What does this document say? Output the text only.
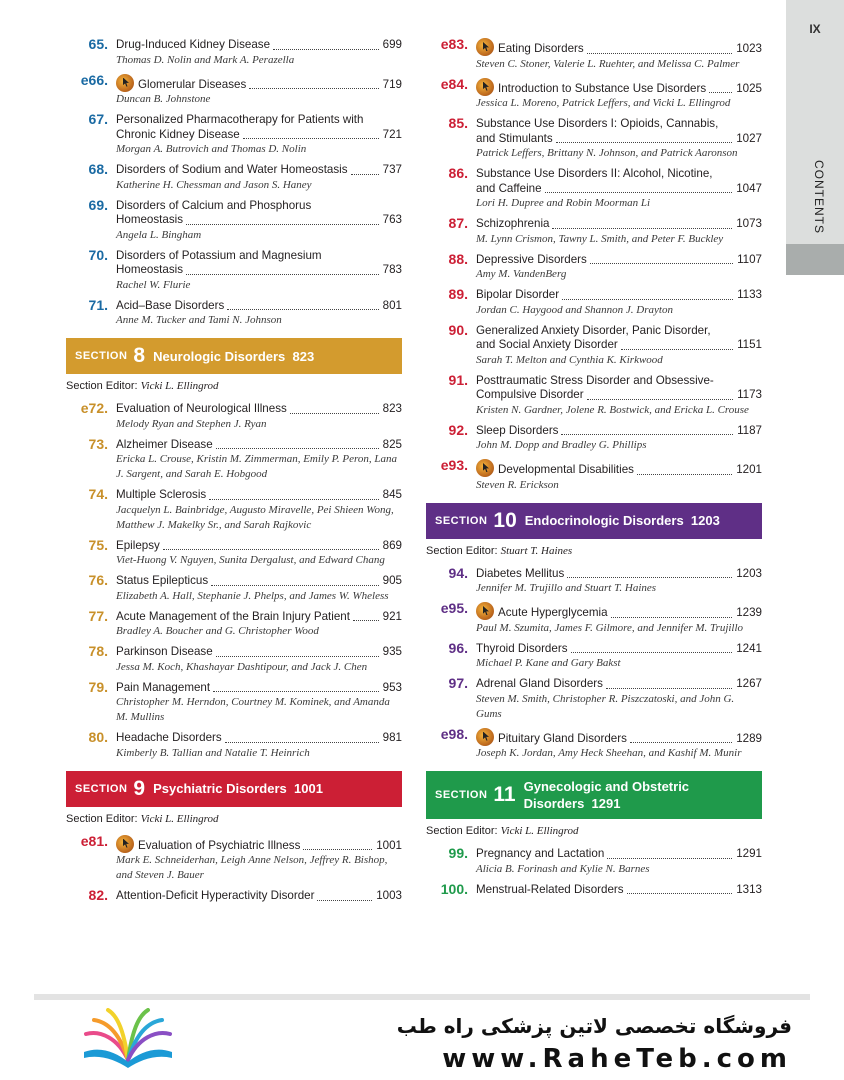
IX
CONTENTS
65. Drug-Induced Kidney Disease	699
Thomas D. Nolin and Mark A. Perazella
e66.	Glomerular Diseases	719
Duncan B. Johnstone
67. Personalized Pharmacotherapy for Patients with
Chronic Kidney Disease	721
Morgan A. Butrovich and Thomas D. Nolin
68. Disorders of Sodium and Water Homeostasis	737
Katherine H. Chessman and Jason S. Haney
69. Disorders of Calcium and Phosphorus
Homeostasis	763
Angela L. Bingham
70. Disorders of Potassium and Magnesium
Homeostasis	783
Rachel W. Flurie
71. Acid–Base Disorders	801
Anne M. Tucker and Tami N. Johnson
SECTION 8 Neurologic Disorders 823
Section Editor: Vicki L. Ellingrod
e72. Evaluation of Neurological Illness	823
Melody Ryan and Stephen J. Ryan
73. Alzheimer Disease	825
Ericka L. Crouse, Kristin M. Zimmerman, Emily P. Peron, Lana J. Sargent, and Sarah E. Hobgood
74. Multiple Sclerosis	845
Jacquelyn L. Bainbridge, Augusto Miravelle, Pei Shieen Wong, Matthew J. Makelky Sr., and Sarah Rajkovic
75. Epilepsy	869
Viet-Huong V. Nguyen, Sunita Dergalust, and Edward Chang
76. Status Epilepticus	905
Elizabeth A. Hall, Stephanie J. Phelps, and James W. Wheless
77. Acute Management of the Brain Injury Patient	921
Bradley A. Boucher and G. Christopher Wood
78. Parkinson Disease	935
Jessa M. Koch, Khashayar Dashtipour, and Jack J. Chen
79. Pain Management	953
Christopher M. Herndon, Courtney M. Kominek, and Amanda M. Mullins
80. Headache Disorders	981
Kimberly B. Tallian and Natalie T. Heinrich
SECTION 9 Psychiatric Disorders 1001
Section Editor: Vicki L. Ellingrod
e81.	Evaluation of Psychiatric Illness	1001
Mark E. Schneiderhan, Leigh Anne Nelson, Jeffrey R. Bishop, and Steven J. Bauer
82. Attention-Deficit Hyperactivity Disorder	1003
e83.	Eating Disorders	1023
Steven C. Stoner, Valerie L. Ruehter, and Melissa C. Palmer
e84.	Introduction to Substance Use Disorders	1025
Jessica L. Moreno, Patrick Leffers, and Vicki L. Ellingrod
85. Substance Use Disorders I: Opioids, Cannabis,
and Stimulants	1027
Patrick Leffers, Brittany N. Johnson, and Patrick Aaronson
86. Substance Use Disorders II: Alcohol, Nicotine,
and Caffeine	1047
Lori H. Dupree and Robin Moorman Li
87. Schizophrenia	1073
M. Lynn Crismon, Tawny L. Smith, and Peter F. Buckley
88. Depressive Disorders	1107
Amy M. VandenBerg
89. Bipolar Disorder	1133
Jordan C. Haygood and Shannon J. Drayton
90. Generalized Anxiety Disorder, Panic Disorder,
and Social Anxiety Disorder	1151
Sarah T. Melton and Cynthia K. Kirkwood
91. Posttraumatic Stress Disorder and Obsessive-
Compulsive Disorder	1173
Kristen N. Gardner, Jolene R. Bostwick, and Ericka L. Crouse
92. Sleep Disorders	1187
John M. Dopp and Bradley G. Phillips
e93.	Developmental Disabilities	1201
Steven R. Erickson
SECTION 10 Endocrinologic Disorders 1203
Section Editor: Stuart T. Haines
94. Diabetes Mellitus	1203
Jennifer M. Trujillo and Stuart T. Haines
e95.	Acute Hyperglycemia	1239
Paul M. Szumita, James F. Gilmore, and Jennifer M. Trujillo
96. Thyroid Disorders	1241
Michael P. Kane and Gary Bakst
97. Adrenal Gland Disorders	1267
Steven M. Smith, Christopher R. Piszczatoski, and John G. Gums
e98.	Pituitary Gland Disorders	1289
Joseph K. Jordan, Amy Heck Sheehan, and Kashif M. Munir
SECTION 11 Gynecologic and Obstetric
Disorders 1291
Section Editor: Vicki L. Ellingrod
99. Pregnancy and Lactation	1291
Alicia B. Forinash and Kylie N. Barnes
100. Menstrual-Related Disorders	1313
فروشگاه تخصصی لاتین پزشکی راه طب
www.RaheTeb.com
